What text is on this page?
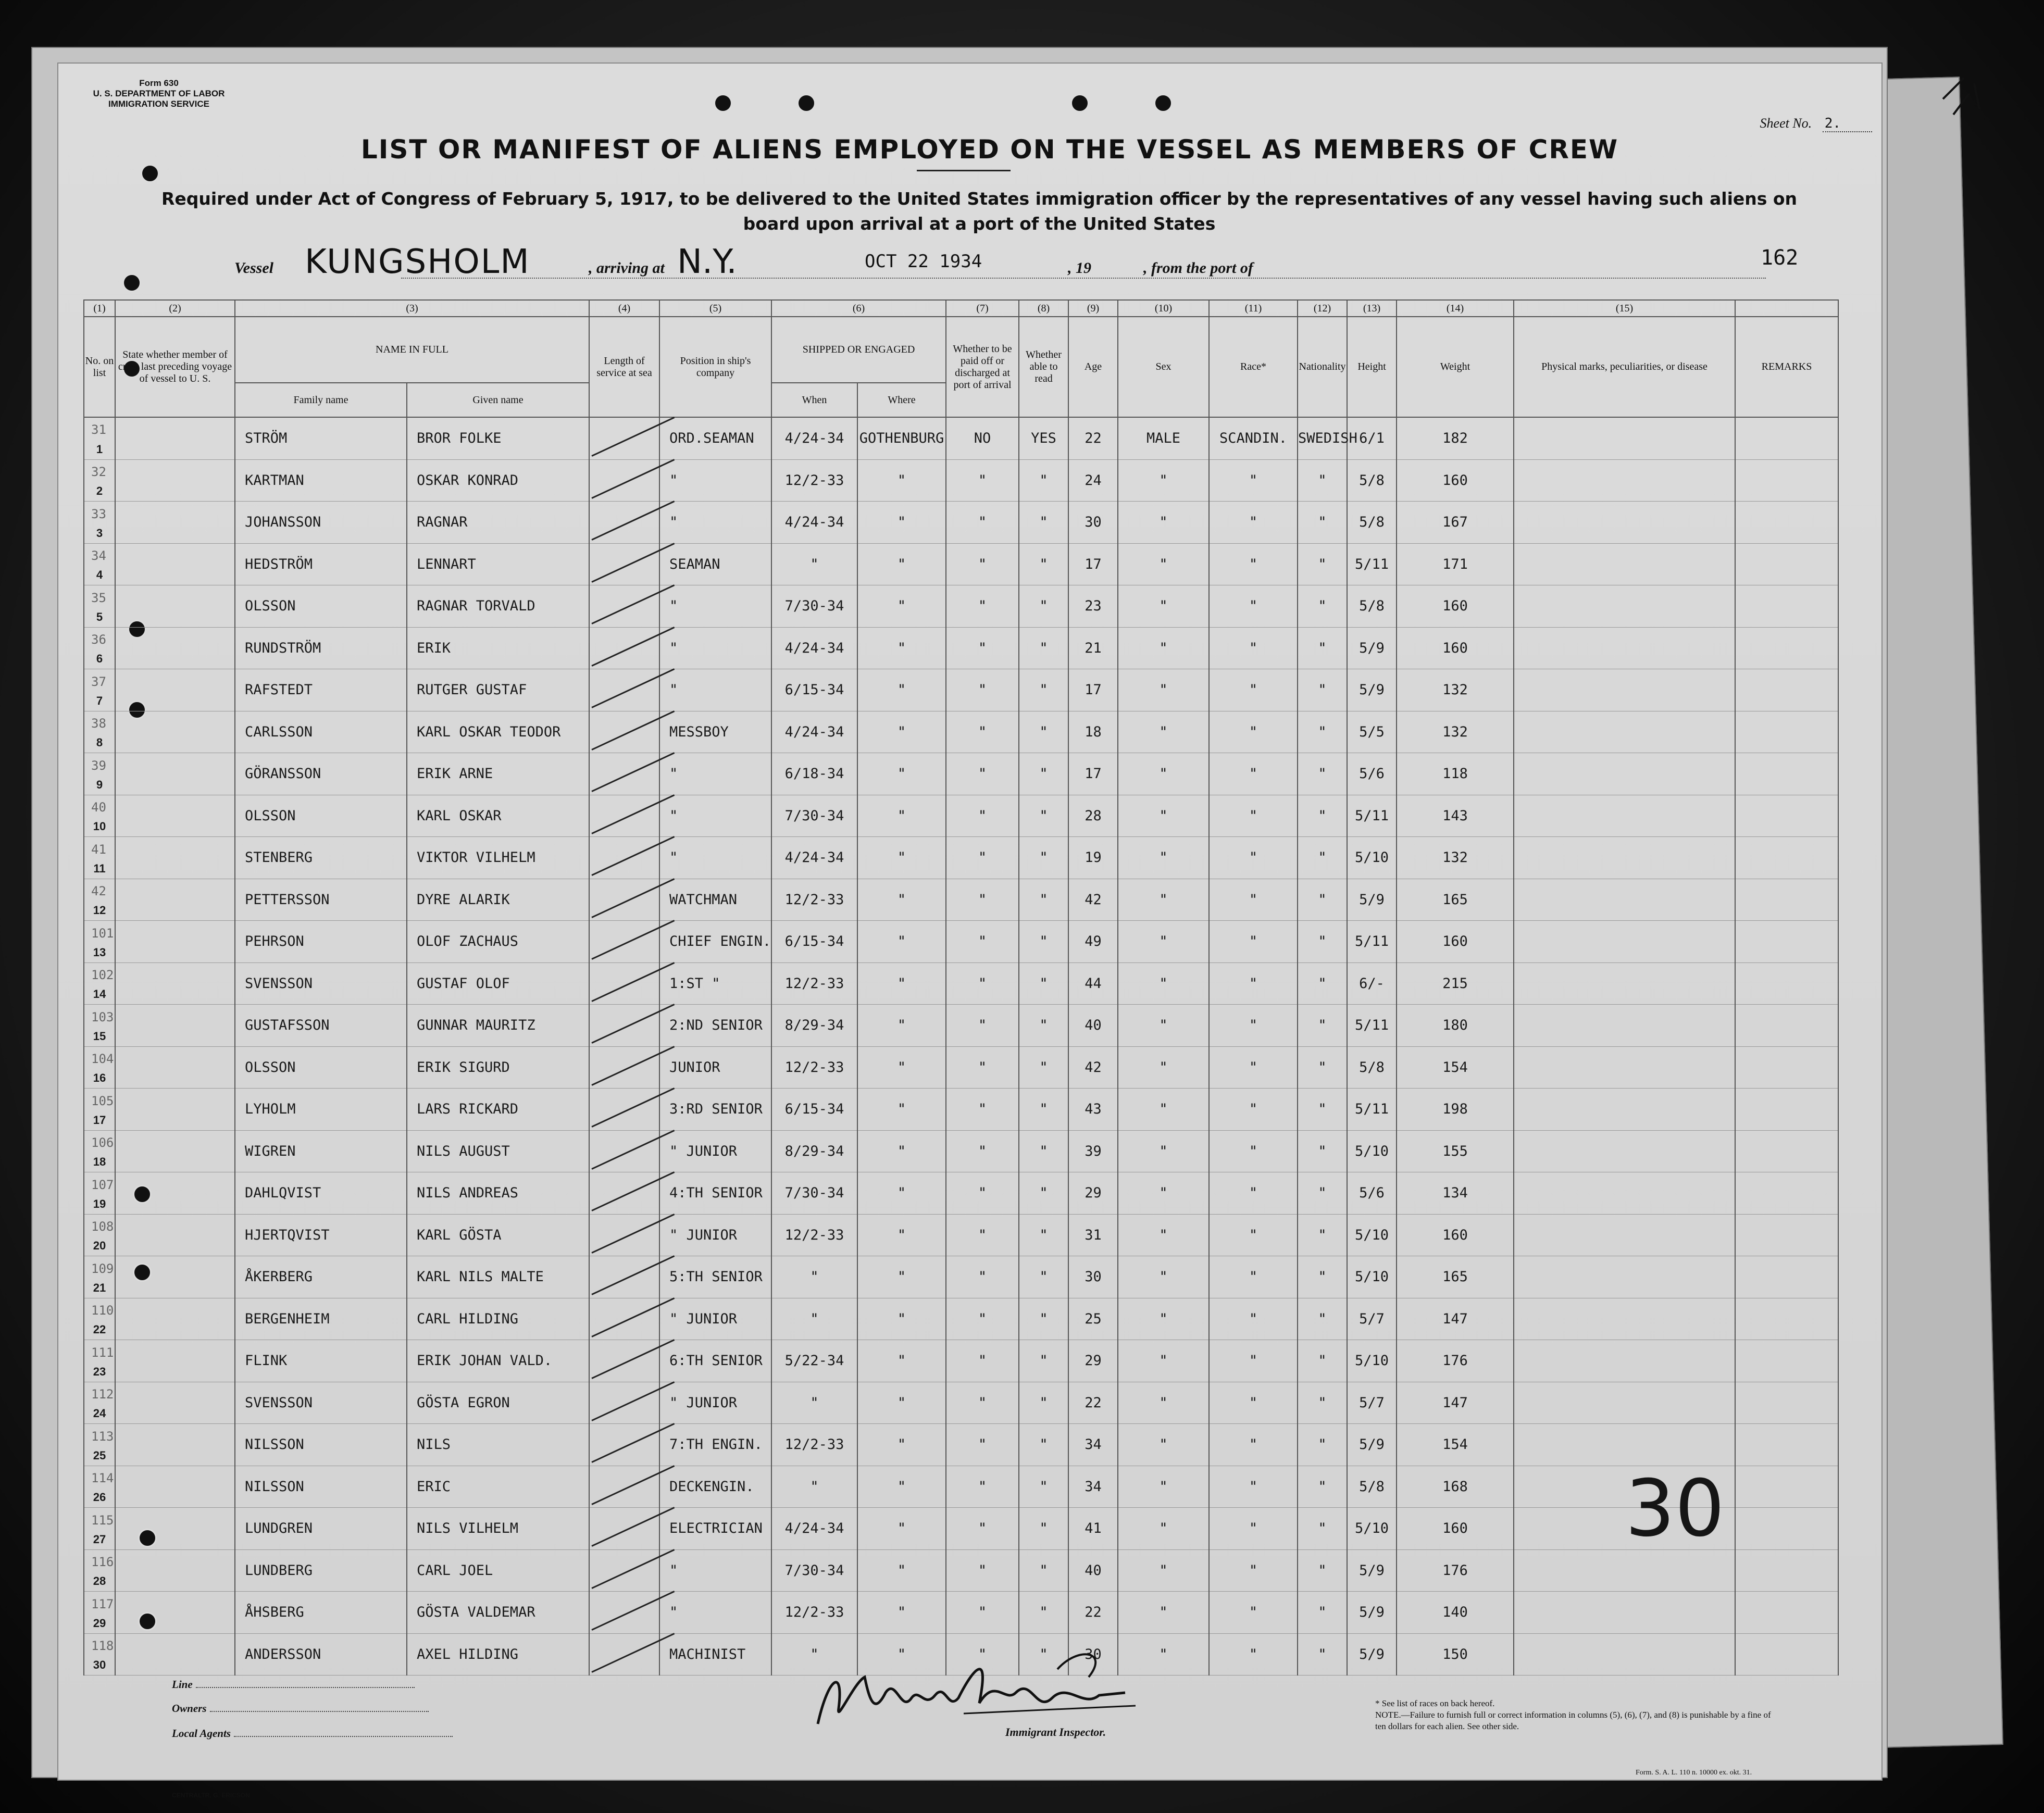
Form 630
U. S. DEPARTMENT OF LABOR
IMMIGRATION SERVICE
Sheet No. 2.
LIST OR MANIFEST OF ALIENS EMPLOYED ON THE VESSEL AS MEMBERS OF CREW
Required under Act of Congress of February 5, 1917, to be delivered to the United States immigration officer by the representatives of any vessel having such aliens on board upon arrival at a port of the United States
Vessel KUNGSHOLM	, arriving at N.Y.	OCT 22 1934	, 19	, from the port of	162
(1)	(2)	(3)		(4)	(5)	(6)		(7)	(8)	(9)	(10)	(11)	(12)	(13)	(14)	(15)	
No. on list	State whether member of crew last preceding voyage of vessel to U. S.	NAME IN FULL		Length of service at sea	Position in ship's company	SHIPPED OR ENGAGED		Whether to be paid off or discharged at port of arrival	Whether able to read	Age	Sex	Race*	Nationality	Height	Weight	Physical marks, peculiarities, or disease	REMARKS
		Family name	Given name			When	Where										
1		STRÖM	BROR FOLKE		ORD.SEAMAN	4/24-34	GOTHENBURG	NO	YES	22	MALE	SCANDIN.	SWEDISH	6/1	182		
2		KARTMAN	OSKAR KONRAD		"	12/2-33	"	"	"	24	"	"	"	5/8	160		
3		JOHANSSON	RAGNAR		"	4/24-34	"	"	"	30	"	"	"	5/8	167		
4		HEDSTRÖM	LENNART		SEAMAN	"	"	"	"	17	"	"	"	5/11	171		
5		OLSSON	RAGNAR TORVALD		"	7/30-34	"	"	"	23	"	"	"	5/8	160		
6		RUNDSTRÖM	ERIK		"	4/24-34	"	"	"	21	"	"	"	5/9	160		
7		RAFSTEDT	RUTGER GUSTAF		"	6/15-34	"	"	"	17	"	"	"	5/9	132		
8		CARLSSON	KARL OSKAR TEODOR		MESSBOY	4/24-34	"	"	"	18	"	"	"	5/5	132		
9		GÖRANSSON	ERIK ARNE		"	6/18-34	"	"	"	17	"	"	"	5/6	118		
10		OLSSON	KARL OSKAR		"	7/30-34	"	"	"	28	"	"	"	5/11	143		
11		STENBERG	VIKTOR VILHELM		"	4/24-34	"	"	"	19	"	"	"	5/10	132		
12		PETTERSSON	DYRE ALARIK		WATCHMAN	12/2-33	"	"	"	42	"	"	"	5/9	165		
13		PEHRSON	OLOF ZACHAUS		CHIEF ENGIN.	6/15-34	"	"	"	49	"	"	"	5/11	160		
14		SVENSSON	GUSTAF OLOF		1:ST "	12/2-33	"	"	"	44	"	"	"	6/-	215		
15		GUSTAFSSON	GUNNAR MAURITZ		2:ND SENIOR	8/29-34	"	"	"	40	"	"	"	5/11	180		
16		OLSSON	ERIK SIGURD		JUNIOR	12/2-33	"	"	"	42	"	"	"	5/8	154		
17		LYHOLM	LARS RICKARD		3:RD SENIOR	6/15-34	"	"	"	43	"	"	"	5/11	198		
18		WIGREN	NILS AUGUST		" JUNIOR	8/29-34	"	"	"	39	"	"	"	5/10	155		
19		DAHLQVIST	NILS ANDREAS		4:TH SENIOR	7/30-34	"	"	"	29	"	"	"	5/6	134		
20		HJERTQVIST	KARL GÖSTA		" JUNIOR	12/2-33	"	"	"	31	"	"	"	5/10	160		
21		ÅKERBERG	KARL NILS MALTE		5:TH SENIOR	"	"	"	"	30	"	"	"	5/10	165		
22		BERGENHEIM	CARL HILDING		" JUNIOR	"	"	"	"	25	"	"	"	5/7	147		
23		FLINK	ERIK JOHAN VALD.		6:TH SENIOR	5/22-34	"	"	"	29	"	"	"	5/10	176		
24		SVENSSON	GÖSTA EGRON		" JUNIOR	"	"	"	"	22	"	"	"	5/7	147		
25		NILSSON	NILS		7:TH ENGIN.	12/2-33	"	"	"	34	"	"	"	5/9	154		
26		NILSSON	ERIC		DECKENGIN.	"	"	"	"	34	"	"	"	5/8	168		
27		LUNDGREN	NILS VILHELM		ELECTRICIAN	4/24-34	"	"	"	41	"	"	"	5/10	160		
28		LUNDBERG	CARL JOEL		"	7/30-34	"	"	"	40	"	"	"	5/9	176		
29		ÅHSBERG	GÖSTA VALDEMAR		"	12/2-33	"	"	"	22	"	"	"	5/9	140		
30		ANDERSSON	AXEL HILDING		MACHINIST	"	"	"	"	30	"	"	"	5/9	150		
30
Line
Owners
Local Agents	Immigrant Inspector.
* See list of races on back hereof.
NOTE.—Failure to furnish full or correct information in columns (5), (6), (7), and (8) is punishable by a fine of ten dollars for each alien. See other side.
Form. S. A. L. 110 n. 10000 ex. okt. 31.
CENTRALTR. G. ERICSON
31
32
33
34
35
36
37
38
39
40
41
42
101
102
103
104
105
106
107
108
109
110
111
112
113
114
115
116
117
118
